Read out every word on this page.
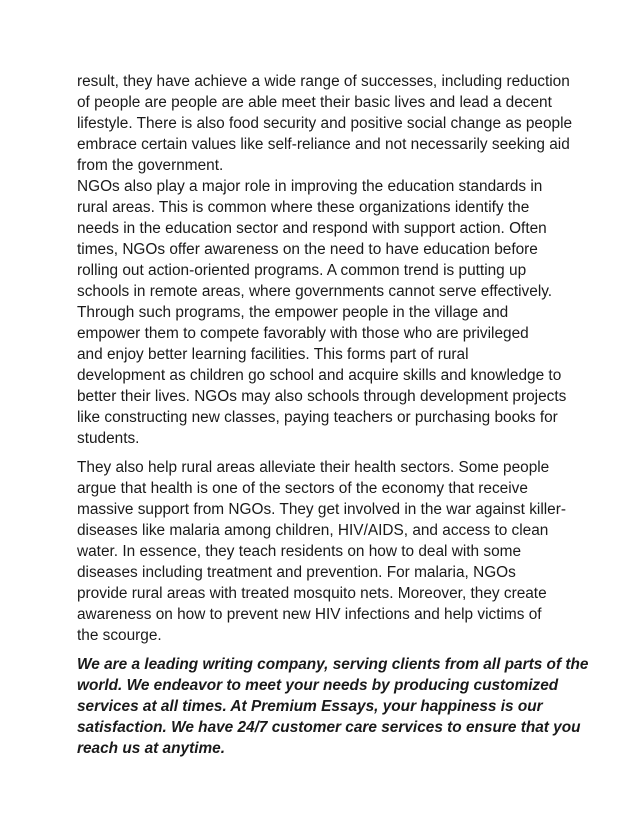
result, they have achieve a wide range of successes, including reduction
of people are people are able meet their basic lives and lead a decent
lifestyle. There is also food security and positive social change as people
embrace certain values like self-reliance and not necessarily seeking aid
from the government.

NGOs also play a major role in improving the education standards in
rural areas. This is common where these organizations identify the
needs in the education sector and respond with support action. Often
times, NGOs offer awareness on the need to have education before
rolling out action-oriented programs. A common trend is putting up
schools in remote areas, where governments cannot serve effectively.
Through such programs, the empower people in the village and
empower them to compete favorably with those who are privileged
and enjoy better learning facilities. This forms part of rural
development as children go school and acquire skills and knowledge to
better their lives. NGOs may also schools through development projects
like constructing new classes, paying teachers or purchasing books for
students.

They also help rural areas alleviate their health sectors. Some people
argue that health is one of the sectors of the economy that receive
massive support from NGOs. They get involved in the war against killer-
diseases like malaria among children, HIV/AIDS, and access to clean
water. In essence, they teach residents on how to deal with some
diseases including treatment and prevention. For malaria, NGOs
provide rural areas with treated mosquito nets. Moreover, they create
awareness on how to prevent new HIV infections and help victims of
the scourge.

We are a leading writing company, serving clients from all parts of the
world. We endeavor to meet your needs by producing customized
services at all times. At Premium Essays, your happiness is our
satisfaction. We have 24/7 customer care services to ensure that you
reach us at anytime.
